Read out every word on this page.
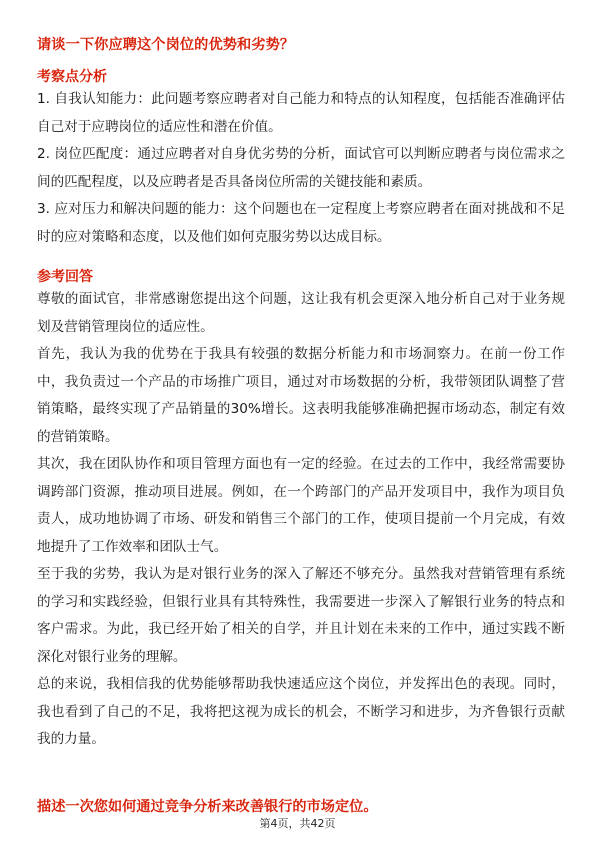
请谈一下你应聘这个岗位的优势和劣势？
考察点分析

1. 自我认知能力：此问题考察应聘者对自己能力和特点的认知程度，包括能否准确评估自己对于应聘岗位的适应性和潜在价值。

2. 岗位匹配度：通过应聘者对自身优劣势的分析，面试官可以判断应聘者与岗位需求之间的匹配程度，以及应聘者是否具备岗位所需的关键技能和素质。

3. 应对压力和解决问题的能力：这个问题也在一定程度上考察应聘者在面对挑战和不足时的应对策略和态度，以及他们如何克服劣势以达成目标。

参考回答

尊敬的面试官，非常感谢您提出这个问题，这让我有机会更深入地分析自己对于业务规划及营销管理岗位的适应性。

首先，我认为我的优势在于我具有较强的数据分析能力和市场洞察力。在前一份工作中，我负责过一个产品的市场推广项目，通过对市场数据的分析，我带领团队调整了营销策略，最终实现了产品销量的30%增长。这表明我能够准确把握市场动态，制定有效的营销策略。

其次，我在团队协作和项目管理方面也有一定的经验。在过去的工作中，我经常需要协调跨部门资源，推动项目进展。例如，在一个跨部门的产品开发项目中，我作为项目负责人，成功地协调了市场、研发和销售三个部门的工作，使项目提前一个月完成，有效地提升了工作效率和团队士气。

至于我的劣势，我认为是对银行业务的深入了解还不够充分。虽然我对营销管理有系统的学习和实践经验，但银行业具有其特殊性，我需要进一步深入了解银行业务的特点和客户需求。为此，我已经开始了相关的自学，并且计划在未来的工作中，通过实践不断深化对银行业务的理解。

总的来说，我相信我的优势能够帮助我快速适应这个岗位，并发挥出色的表现。同时，我也看到了自己的不足，我将把这视为成长的机会，不断学习和进步，为齐鲁银行贡献我的力量。

描述一次您如何通过竞争分析来改善银行的市场定位。
第4页，共42页
